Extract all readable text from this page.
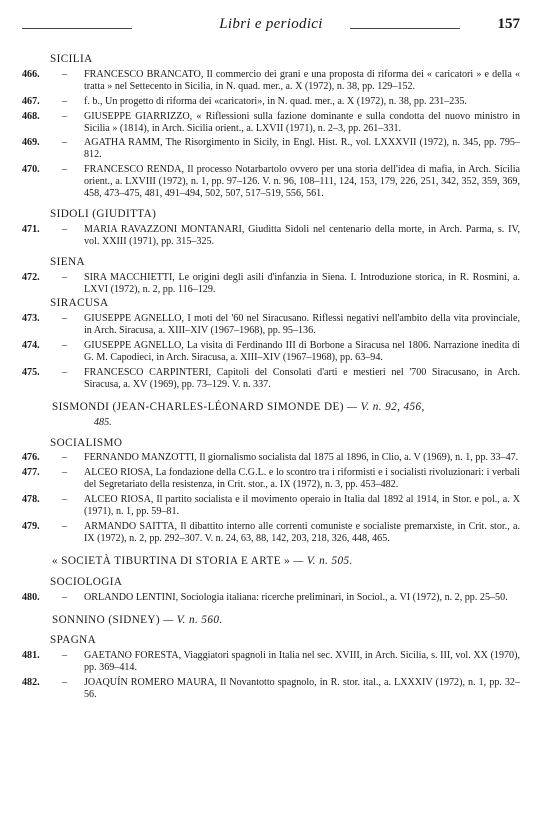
Libri e periodici	157
SICILIA
466. – FRANCESCO BRANCATO, Il commercio dei grani e una proposta di riforma dei « caricatori » e della « tratta » nel Settecento in Sicilia, in N. quad. mer., a. X (1972), n. 38, pp. 129–152.
467. – f. b., Un progetto di riforma dei «caricatori», in N. quad. mer., a. X (1972), n. 38, pp. 231–235.
468. – GIUSEPPE GIARRIZZO, « Riflessioni sulla fazione dominante e sulla condotta del nuovo ministro in Sicilia » (1814), in Arch. Sicilia orient., a. LXVII (1971), n. 2–3, pp. 261–331.
469. – AGATHA RAMM, The Risorgimento in Sicily, in Engl. Hist. R., vol. LXXXVII (1972), n. 345, pp. 795–812.
470. – FRANCESCO RENDA, Il processo Notarbartolo ovvero per una storia dell'idea di mafia, in Arch. Sicilia orient., a. LXVIII (1972), n. 1, pp. 97–126. V. n. 96, 108–111, 124, 153, 179, 226, 251, 342, 352, 359, 369, 458, 473–475, 481, 491–494, 502, 507, 517–519, 556, 561.
SIDOLI (GIUDITTA)
471. – MARIA RAVAZZONI MONTANARI, Giuditta Sidoli nel centenario della morte, in Arch. Parma, s. IV, vol. XXIII (1971), pp. 315–325.
SIENA
472. – SIRA MACCHIETTI, Le origini degli asili d'infanzia in Siena. I. Introduzione storica, in R. Rosmini, a. LXVI (1972), n. 2, pp. 116–129.
SIRACUSA
473. – GIUSEPPE AGNELLO, I moti del '60 nel Siracusano. Riflessi negativi nell'ambito della vita provinciale, in Arch. Siracusa, a. XIII–XIV (1967–1968), pp. 95–136.
474. – GIUSEPPE AGNELLO, La visita di Ferdinando III di Borbone a Siracusa nel 1806. Narrazione inedita di G. M. Capodieci, in Arch. Siracusa, a. XIII–XIV (1967–1968), pp. 63–94.
475. – FRANCESCO CARPINTERI, Capitoli del Consolati d'arti e mestieri nel '700 Siracusano, in Arch. Siracusa, a. XV (1969), pp. 73–129. V. n. 337.
SISMONDI (JEAN-CHARLES-LÉONARD SIMONDE DE) — V. n. 92, 456,
485.
SOCIALISMO
476. – FERNANDO MANZOTTI, Il giornalismo socialista dal 1875 al 1896, in Clio, a. V (1969), n. 1, pp. 33–47.
477. – ALCEO RIOSA, La fondazione della C.G.L. e lo scontro tra i riformisti e i socialisti rivoluzionari: i verbali del Segretariato della resistenza, in Crit. stor., a. IX (1972), n. 3, pp. 453–482.
478. – ALCEO RIOSA, Il partito socialista e il movimento operaio in Italia dal 1892 al 1914, in Stor. e pol., a. X (1971), n. 1, pp. 59–81.
479. – ARMANDO SAITTA, Il dibattito interno alle correnti comuniste e socialiste premarxiste, in Crit. stor., a. IX (1972), n. 2, pp. 292–307. V. n. 24, 63, 88, 142, 203, 218, 326, 448, 465.
« SOCIETÀ TIBURTINA DI STORIA E ARTE » — V. n. 505.
SOCIOLOGIA
480. – ORLANDO LENTINI, Sociologia italiana: ricerche preliminari, in Sociol., a. VI (1972), n. 2, pp. 25–50.
SONNINO (SIDNEY) — V. n. 560.
SPAGNA
481. – GAETANO FORESTA, Viaggiatori spagnoli in Italia nel sec. XVIII, in Arch. Sicilia, s. III, vol. XX (1970), pp. 369–414.
482. – JOAQUÍN ROMERO MAURA, Il Novantotto spagnolo, in R. stor. ital., a. LXXXIV (1972), n. 1, pp. 32–56.
